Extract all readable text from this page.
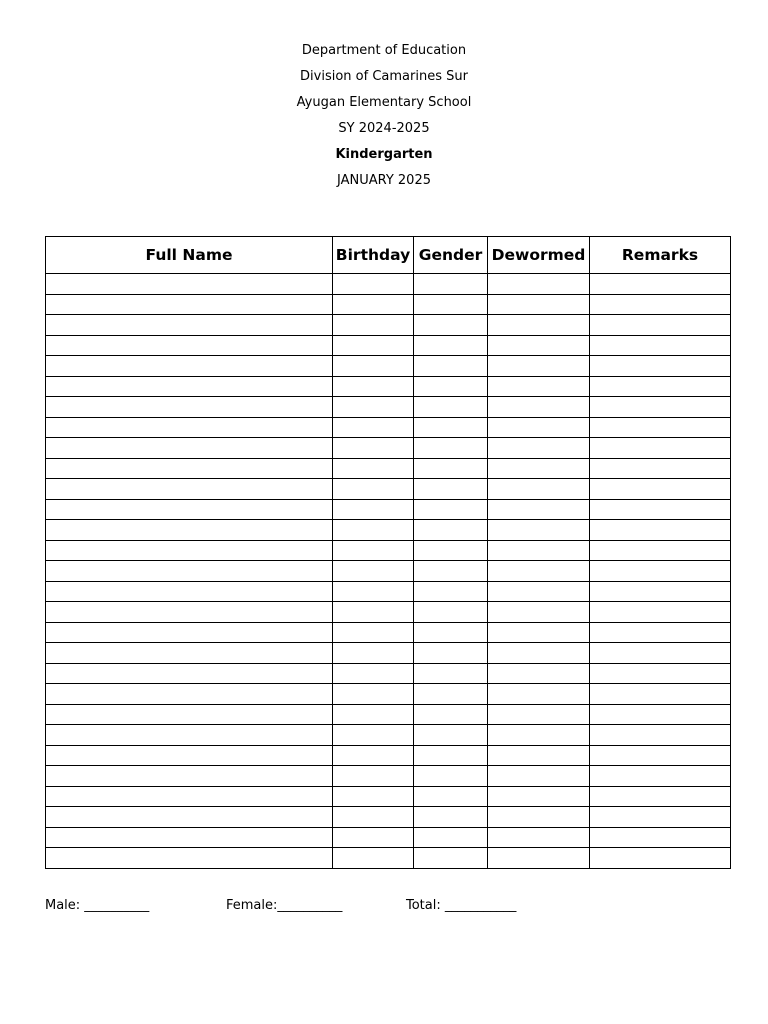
Department of Education
Division of Camarines Sur
Ayugan Elementary School
SY 2024-2025
Kindergarten
JANUARY 2025
Full Name	Birthday	Gender	Dewormed	Remarks

Male: __________	Female:__________	Total: ___________
